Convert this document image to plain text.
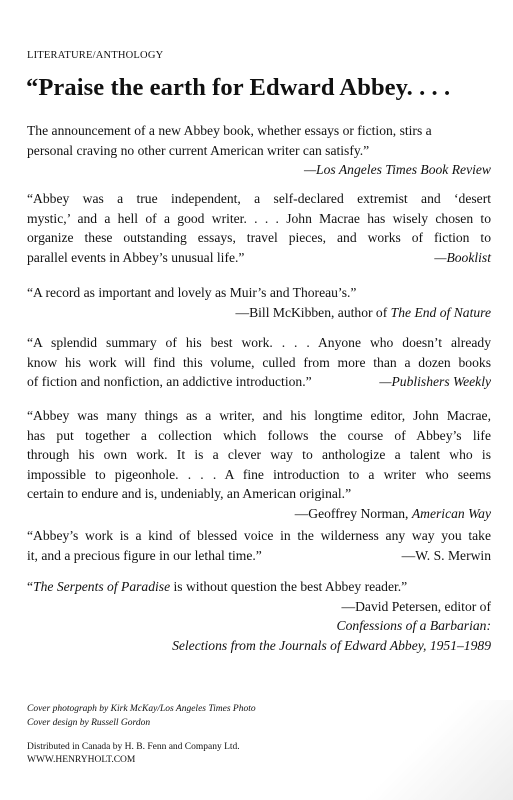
LITERATURE/ANTHOLOGY
“Praise the earth for Edward Abbey. . . .
The announcement of a new Abbey book, whether essays or fiction, stirs a
personal craving no other current American writer can satisfy.”
—Los Angeles Times Book Review
“Abbey was a true independent, a self-declared extremist and ‘desert
mystic,’ and a hell of a good writer. . . . John Macrae has wisely chosen to
organize these outstanding essays, travel pieces, and works of fiction to
parallel events in Abbey’s unusual life.”	—Booklist
“A record as important and lovely as Muir’s and Thoreau’s.”
—Bill McKibben, author of The End of Nature
“A splendid summary of his best work. . . . Anyone who doesn’t already
know his work will find this volume, culled from more than a dozen books
of fiction and nonfiction, an addictive introduction.”	—Publishers Weekly
“Abbey was many things as a writer, and his longtime editor, John Macrae,
has put together a collection which follows the course of Abbey’s life
through his own work. It is a clever way to anthologize a talent who is
impossible to pigeonhole. . . . A fine introduction to a writer who seems
certain to endure and is, undeniably, an American original.”
—Geoffrey Norman, American Way
“Abbey’s work is a kind of blessed voice in the wilderness any way you take
it, and a precious figure in our lethal time.”	—W. S. Merwin
“The Serpents of Paradise is without question the best Abbey reader.”
—David Petersen, editor of
Confessions of a Barbarian:
Selections from the Journals of Edward Abbey, 1951–1989
Cover photograph by Kirk McKay/Los Angeles Times Photo
Cover design by Russell Gordon
Distributed in Canada by H. B. Fenn and Company Ltd.
WWW.HENRYHOLT.COM
